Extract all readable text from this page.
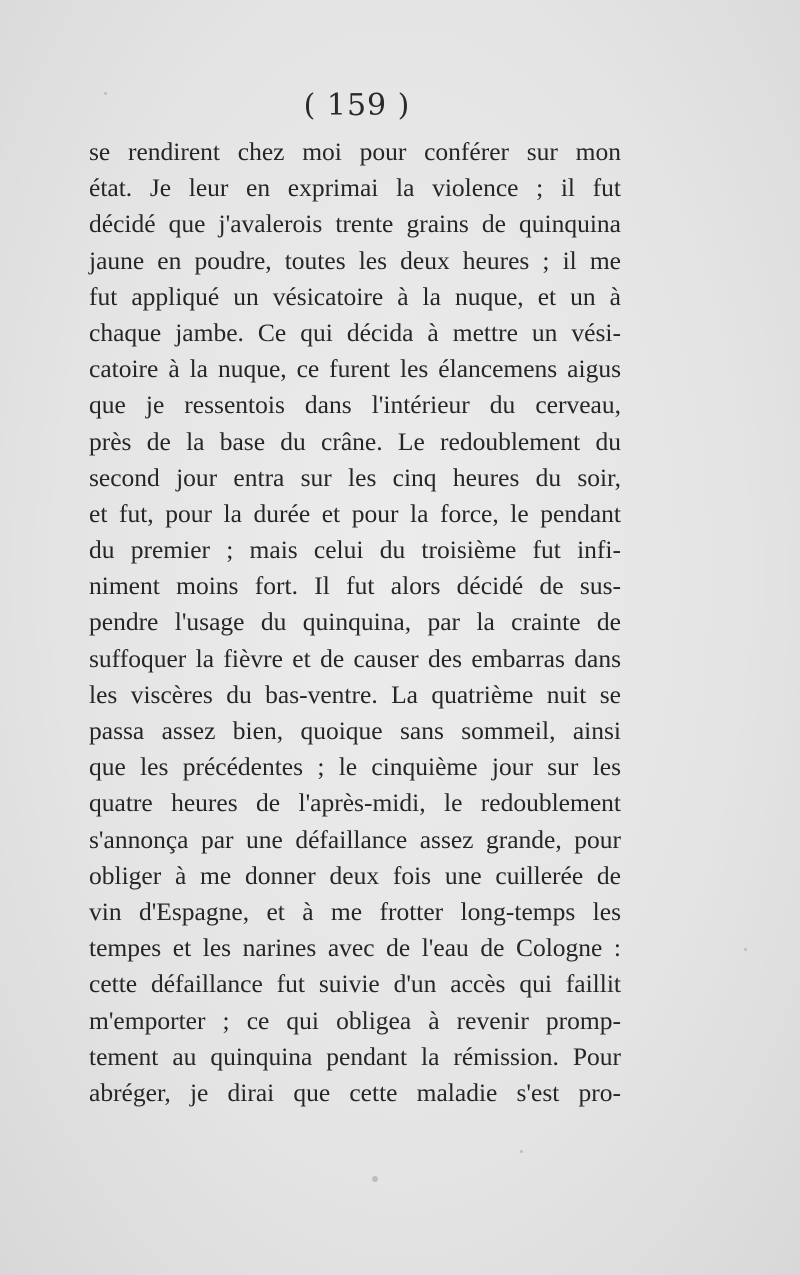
( 159 )
se rendirent chez moi pour conférer sur mon
état. Je leur en exprimai la violence ; il fut
décidé que j'avalerois trente grains de quinquina
jaune en poudre, toutes les deux heures ; il me
fut appliqué un vésicatoire à la nuque, et un à
chaque jambe. Ce qui décida à mettre un vési-
catoire à la nuque, ce furent les élancemens aigus
que je ressentois dans l'intérieur du cerveau,
près de la base du crâne. Le redoublement du
second jour entra sur les cinq heures du soir,
et fut, pour la durée et pour la force, le pendant
du premier ; mais celui du troisième fut infi-
niment moins fort. Il fut alors décidé de sus-
pendre l'usage du quinquina, par la crainte de
suffoquer la fièvre et de causer des embarras dans
les viscères du bas-ventre. La quatrième nuit se
passa assez bien, quoique sans sommeil, ainsi
que les précédentes ; le cinquième jour sur les
quatre heures de l'après-midi, le redoublement
s'annonça par une défaillance assez grande, pour
obliger à me donner deux fois une cuillerée de
vin d'Espagne, et à me frotter long-temps les
tempes et les narines avec de l'eau de Cologne :
cette défaillance fut suivie d'un accès qui faillit
m'emporter ; ce qui obligea à revenir promp-
tement au quinquina pendant la rémission. Pour
abréger, je dirai que cette maladie s'est pro-
